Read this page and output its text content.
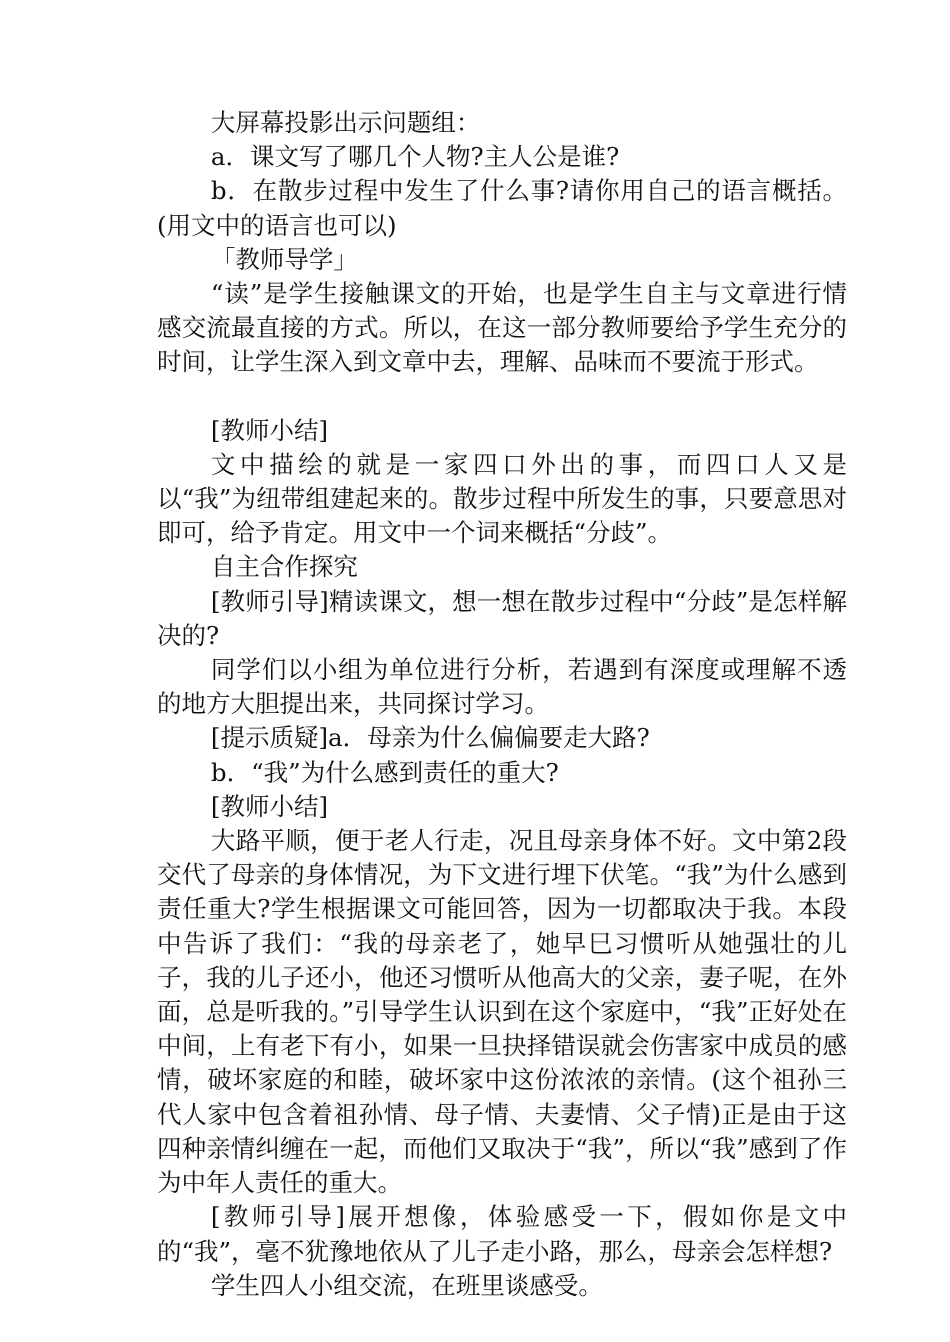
大屏幕投影出示问题组：

a．课文写了哪几个人物?主人公是谁?

b．在散步过程中发生了什么事?请你用自己的语言概括。(用文中的语言也可以)

「教师导学」

“读”是学生接触课文的开始，也是学生自主与文章进行情感交流最直接的方式。所以，在这一部分教师要给予学生充分的时间，让学生深入到文章中去，理解、品味而不要流于形式。

[教师小结]

文中描绘的就是一家四口外出的事，而四口人又是以“我”为纽带组建起来的。散步过程中所发生的事，只要意思对即可，给予肯定。用文中一个词来概括“分歧”。

自主合作探究

[教师引导]精读课文，想一想在散步过程中“分歧”是怎样解决的?

同学们以小组为单位进行分析，若遇到有深度或理解不透的地方大胆提出来，共同探讨学习。

[提示质疑]a．母亲为什么偏偏要走大路?

b．“我”为什么感到责任的重大?

[教师小结]

大路平顺，便于老人行走，况且母亲身体不好。文中第2段交代了母亲的身体情况，为下文进行埋下伏笔。“我”为什么感到责任重大?学生根据课文可能回答，因为一切都取决于我。本段中告诉了我们：“我的母亲老了，她早巳习惯听从她强壮的儿子，我的儿子还小，他还习惯听从他高大的父亲，妻子呢，在外面，总是听我的。”引导学生认识到在这个家庭中，“我”正好处在中间，上有老下有小，如果一旦抉择错误就会伤害家中成员的感情，破坏家庭的和睦，破坏家中这份浓浓的亲情。(这个祖孙三代人家中包含着祖孙情、母子情、夫妻情、父子情)正是由于这四种亲情纠缠在一起，而他们又取决于“我”，所以“我”感到了作为中年人责任的重大。

[教师引导]展开想像，体验感受一下，假如你是文中的“我”，毫不犹豫地依从了儿子走小路，那么，母亲会怎样想?

学生四人小组交流，在班里谈感受。
